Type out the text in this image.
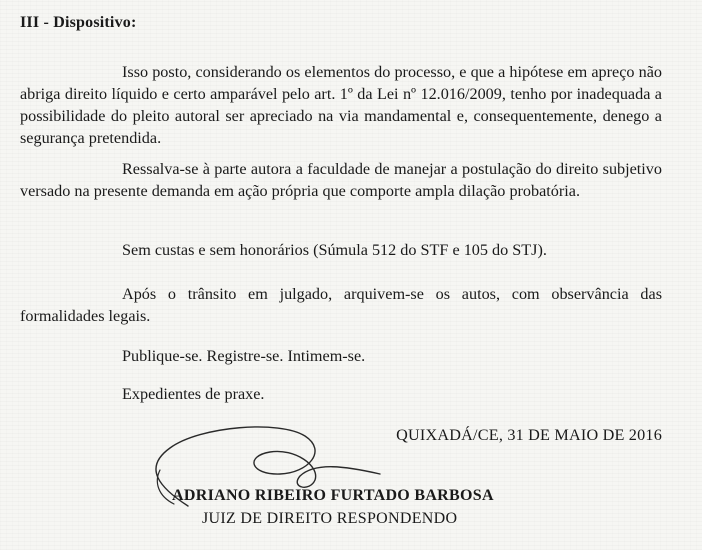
III - Dispositivo:

Isso posto, considerando os elementos do processo, e que a hipótese em apreço não abriga direito líquido e certo amparável pelo art. 1º da Lei nº 12.016/2009, tenho por inadequada a possibilidade do pleito autoral ser apreciado na via mandamental e, consequentemente, denego a segurança pretendida.

Ressalva-se à parte autora a faculdade de manejar a postulação do direito subjetivo versado na presente demanda em ação própria que comporte ampla dilação probatória.

Sem custas e sem honorários (Súmula 512 do STF e 105 do STJ).

Após o trânsito em julgado, arquivem-se os autos, com observância das formalidades legais.

Publique-se. Registre-se. Intimem-se.

Expedientes de praxe.

QUIXADÁ/CE, 31 DE MAIO DE 2016
ADRIANO RIBEIRO FURTADO BARBOSA
JUIZ DE DIREITO RESPONDENDO
